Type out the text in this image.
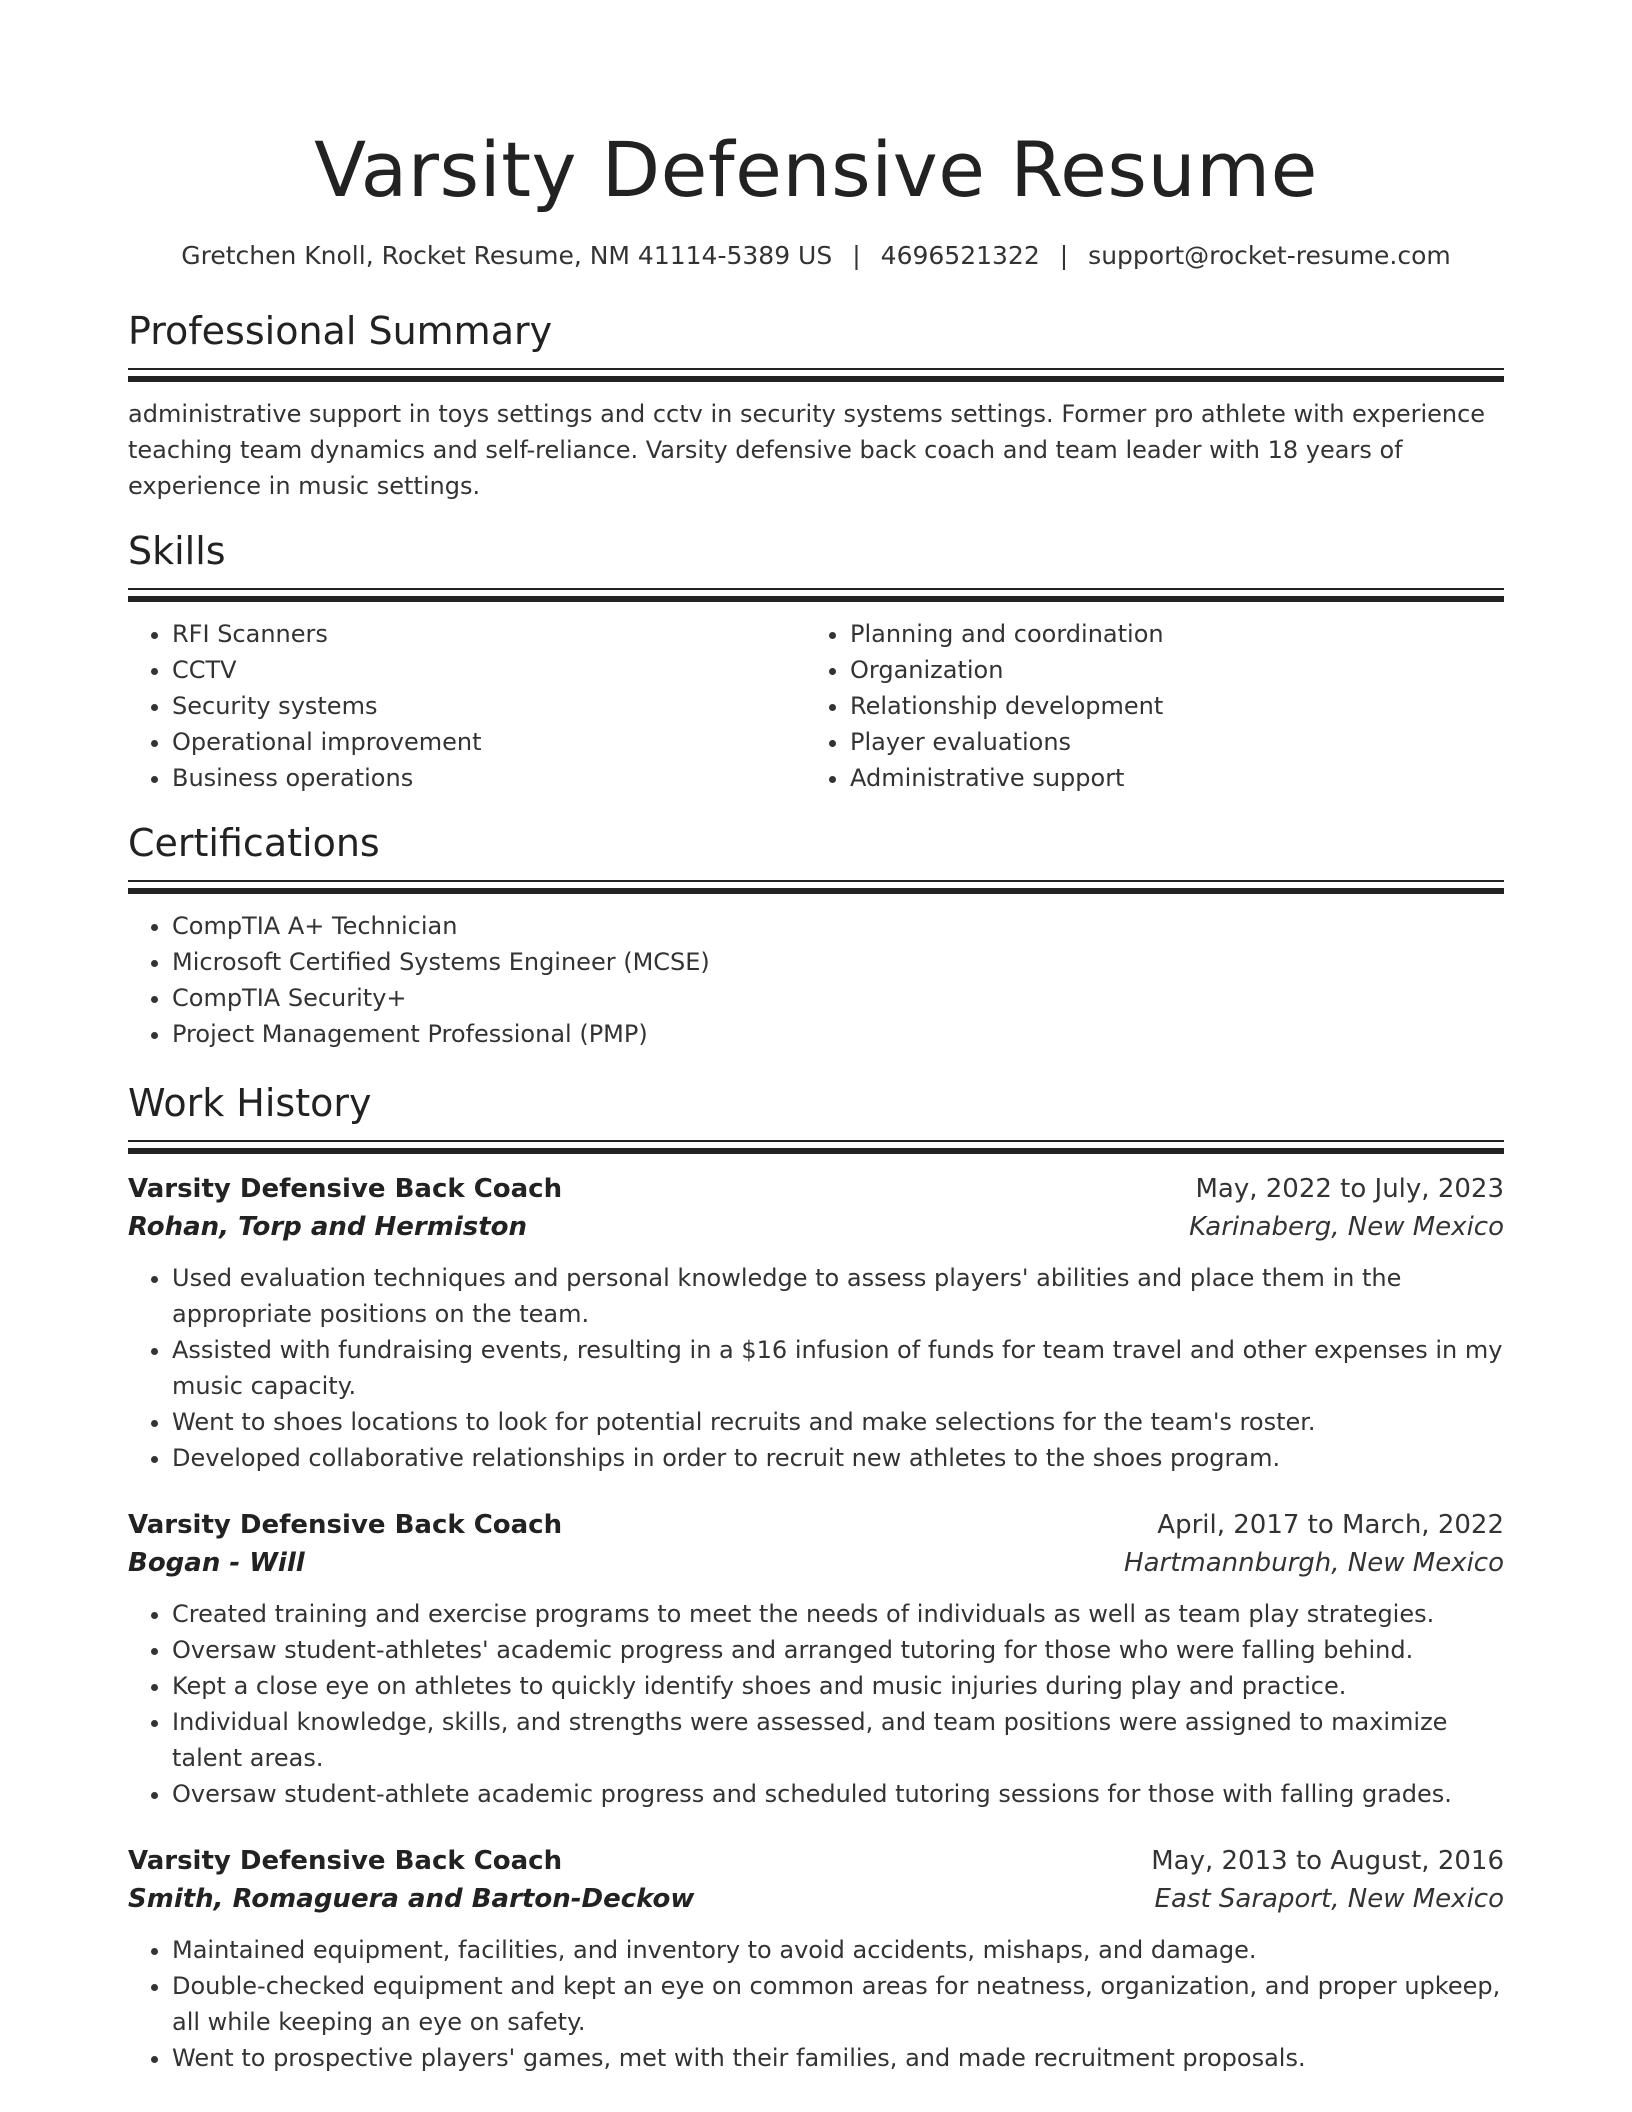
Varsity Defensive Resume
Gretchen Knoll, Rocket Resume, NM 41114-5389 US | 4696521322 | support@rocket-resume.com
Professional Summary
administrative support in toys settings and cctv in security systems settings. Former pro athlete with experience teaching team dynamics and self-reliance. Varsity defensive back coach and team leader with 18 years of experience in music settings.
Skills
• RFI Scanners
• CCTV
• Security systems
• Operational improvement
• Business operations
• Planning and coordination
• Organization
• Relationship development
• Player evaluations
• Administrative support
Certifications
• CompTIA A+ Technician
• Microsoft Certified Systems Engineer (MCSE)
• CompTIA Security+
• Project Management Professional (PMP)
Work History
Varsity Defensive Back Coach	May, 2022 to July, 2023
Rohan, Torp and Hermiston	Karinaberg, New Mexico
• Used evaluation techniques and personal knowledge to assess players' abilities and place them in the appropriate positions on the team.
• Assisted with fundraising events, resulting in a $16 infusion of funds for team travel and other expenses in my music capacity.
• Went to shoes locations to look for potential recruits and make selections for the team's roster.
• Developed collaborative relationships in order to recruit new athletes to the shoes program.
Varsity Defensive Back Coach	April, 2017 to March, 2022
Bogan - Will	Hartmannburgh, New Mexico
• Created training and exercise programs to meet the needs of individuals as well as team play strategies.
• Oversaw student-athletes' academic progress and arranged tutoring for those who were falling behind.
• Kept a close eye on athletes to quickly identify shoes and music injuries during play and practice.
• Individual knowledge, skills, and strengths were assessed, and team positions were assigned to maximize talent areas.
• Oversaw student-athlete academic progress and scheduled tutoring sessions for those with falling grades.
Varsity Defensive Back Coach	May, 2013 to August, 2016
Smith, Romaguera and Barton-Deckow	East Saraport, New Mexico
• Maintained equipment, facilities, and inventory to avoid accidents, mishaps, and damage.
• Double-checked equipment and kept an eye on common areas for neatness, organization, and proper upkeep, all while keeping an eye on safety.
• Went to prospective players' games, met with their families, and made recruitment proposals.
